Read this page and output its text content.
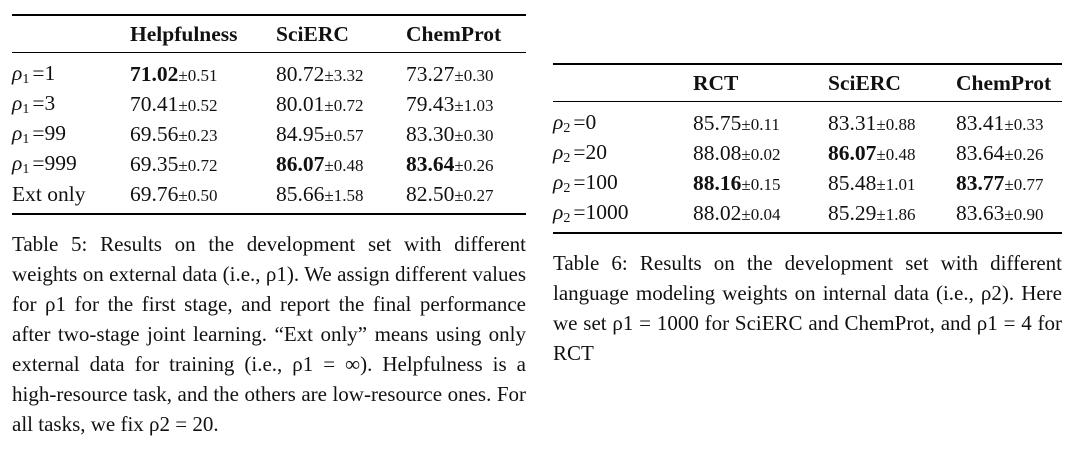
	Helpfulness	SciERC	ChemProt
$\rho_1 =1$	71.02±0.51	80.72±3.32	73.27±0.30
$\rho_1 =3$	70.41±0.52	80.01±0.72	79.43±1.03
$\rho_1 =99$	69.56±0.23	84.95±0.57	83.30±0.30
$\rho_1 =999$	69.35±0.72	86.07±0.48	83.64±0.26
Ext only	69.76±0.50	85.66±1.58	82.50±0.27
Table 5: Results on the development set with different weights on external data (i.e., ρ1). We assign different values for ρ1 for the first stage, and report the final performance after two-stage joint learning. “Ext only” means using only external data for training (i.e., ρ1 = ∞). Helpfulness is a high-resource task, and the others are low-resource ones. For all tasks, we fix ρ2 = 20.
	RCT	SciERC	ChemProt
$\rho_2 =0$	85.75±0.11	83.31±0.88	83.41±0.33
$\rho_2 =20$	88.08±0.02	86.07±0.48	83.64±0.26
$\rho_2 =100$	88.16±0.15	85.48±1.01	83.77±0.77
$\rho_2 =1000$	88.02±0.04	85.29±1.86	83.63±0.90
Table 6: Results on the development set with different language modeling weights on internal data (i.e., ρ2). Here we set ρ1 = 1000 for SciERC and ChemProt, and ρ1 = 4 for RCT
